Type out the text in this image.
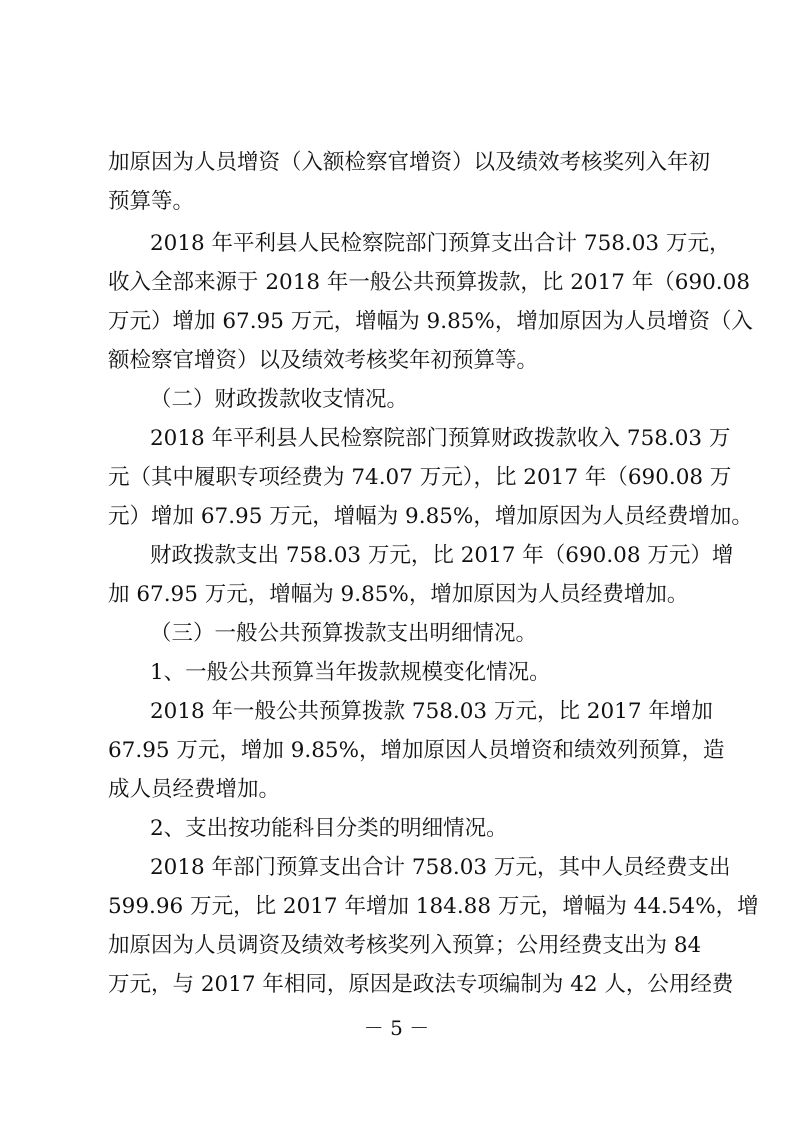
加原因为人员增资（入额检察官增资）以及绩效考核奖列入年初
预算等。
2018 年平利县人民检察院部门预算支出合计 758.03 万元，
收入全部来源于 2018 年一般公共预算拨款，比 2017 年（690.08
万元）增加 67.95 万元，增幅为 9.85%，增加原因为人员增资（入
额检察官增资）以及绩效考核奖年初预算等。
（二）财政拨款收支情况。
2018 年平利县人民检察院部门预算财政拨款收入 758.03 万
元（其中履职专项经费为 74.07 万元），比 2017 年（690.08 万
元）增加 67.95 万元，增幅为 9.85%，增加原因为人员经费增加。
财政拨款支出 758.03 万元，比 2017 年（690.08 万元）增
加 67.95 万元，增幅为 9.85%，增加原因为人员经费增加。
（三）一般公共预算拨款支出明细情况。
1、一般公共预算当年拨款规模变化情况。
2018 年一般公共预算拨款 758.03 万元，比 2017 年增加
67.95 万元，增加 9.85%，增加原因人员增资和绩效列预算，造
成人员经费增加。
2、支出按功能科目分类的明细情况。
2018 年部门预算支出合计 758.03 万元，其中人员经费支出
599.96 万元，比 2017 年增加 184.88 万元，增幅为 44.54%，增
加原因为人员调资及绩效考核奖列入预算；公用经费支出为 84
万元，与 2017 年相同，原因是政法专项编制为 42 人，公用经费
－ 5 －
